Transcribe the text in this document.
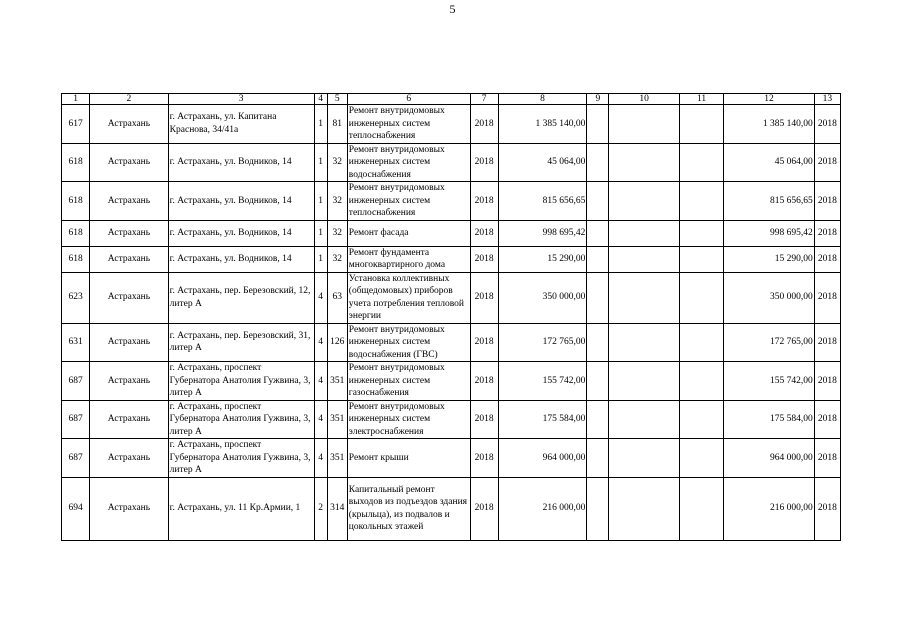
5
1	2	3	4	5	6	7	8	9	10	11	12	13
617	Астрахань	г. Астрахань, ул. Капитана Краснова, 34/41а	1	81	Ремонт внутридомовых инженерных систем теплоснабжения	2018	1 385 140,00				1 385 140,00	2018
618	Астрахань	г. Астрахань, ул. Водников, 14	1	32	Ремонт внутридомовых инженерных систем водоснабжения	2018	45 064,00				45 064,00	2018
618	Астрахань	г. Астрахань, ул. Водников, 14	1	32	Ремонт внутридомовых инженерных систем теплоснабжения	2018	815 656,65				815 656,65	2018
618	Астрахань	г. Астрахань, ул. Водников, 14	1	32	Ремонт фасада	2018	998 695,42				998 695,42	2018
618	Астрахань	г. Астрахань, ул. Водников, 14	1	32	Ремонт фундамента многоквартирного дома	2018	15 290,00				15 290,00	2018
623	Астрахань	г. Астрахань, пер. Березовский, 12, литер А	4	63	Установка коллективных (общедомовых) приборов учета потребления тепловой энергии	2018	350 000,00				350 000,00	2018
631	Астрахань	г. Астрахань, пер. Березовский, 31, литер А	4	126	Ремонт внутридомовых инженерных систем водоснабжения (ГВС)	2018	172 765,00				172 765,00	2018
687	Астрахань	г. Астрахань, проспект Губернатора Анатолия Гужвина, 3, литер А	4	351	Ремонт внутридомовых инженерных систем газоснабжения	2018	155 742,00				155 742,00	2018
687	Астрахань	г. Астрахань, проспект Губернатора Анатолия Гужвина, 3, литер А	4	351	Ремонт внутридомовых инженерных систем электроснабжения	2018	175 584,00				175 584,00	2018
687	Астрахань	г. Астрахань, проспект Губернатора Анатолия Гужвина, 3, литер А	4	351	Ремонт крыши	2018	964 000,00				964 000,00	2018
694	Астрахань	г. Астрахань, ул. 11 Кр.Армии, 1	2	314	Капитальный ремонт выходов из подъездов здания (крыльца), из подвалов и цокольных этажей	2018	216 000,00				216 000,00	2018
